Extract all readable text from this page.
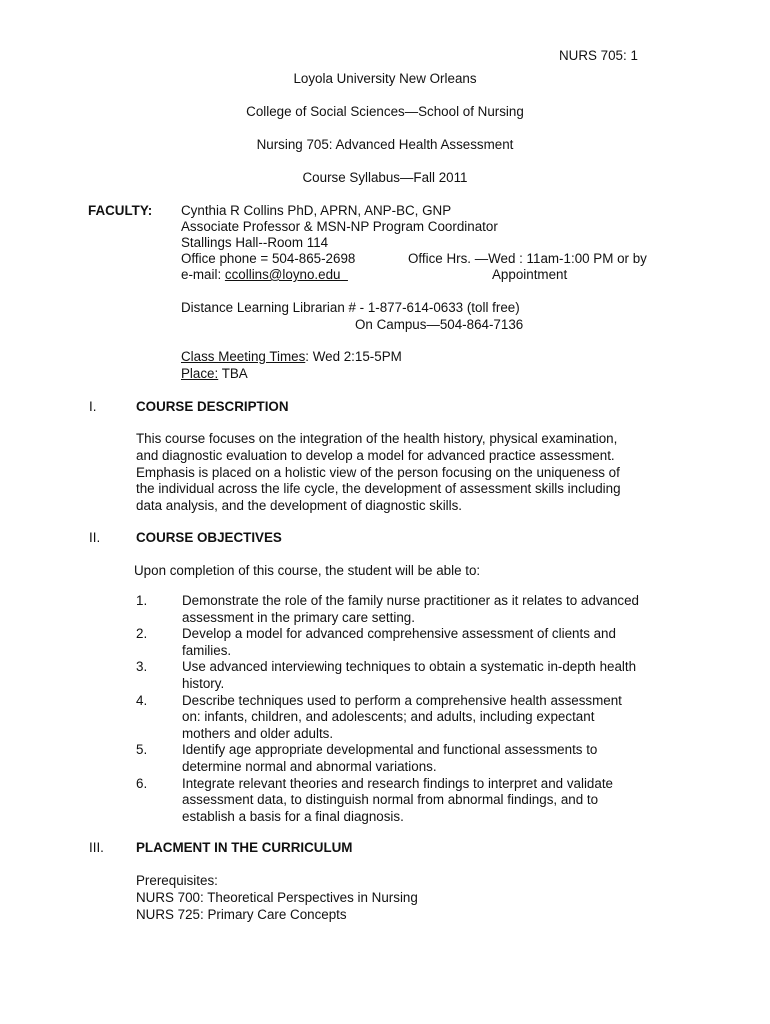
NURS 705: 1
Loyola University New Orleans
College of Social Sciences—School of Nursing
Nursing 705: Advanced Health Assessment
Course Syllabus—Fall 2011
FACULTY: Cynthia R Collins PhD, APRN, ANP-BC, GNP
Associate Professor & MSN-NP Program Coordinator
Stallings Hall--Room 114
Office phone = 504-865-2698	Office Hrs. —Wed : 11am-1:00 PM or by
e-mail: ccollins@loyno.edu	Appointment
Distance Learning Librarian # - 1-877-614-0633 (toll free)
On Campus—504-864-7136
Class Meeting Times: Wed 2:15-5PM
Place: TBA
I.	COURSE DESCRIPTION
This course focuses on the integration of the health history, physical examination,
and diagnostic evaluation to develop a model for advanced practice assessment.
Emphasis is placed on a holistic view of the person focusing on the uniqueness of
the individual across the life cycle, the development of assessment skills including
data analysis, and the development of diagnostic skills.
II.	COURSE OBJECTIVES
Upon completion of this course, the student will be able to:
1.	Demonstrate the role of the family nurse practitioner as it relates to advanced
assessment in the primary care setting.
2.	Develop a model for advanced comprehensive assessment of clients and
families.
3.	Use advanced interviewing techniques to obtain a systematic in-depth health
history.
4.	Describe techniques used to perform a comprehensive health assessment
on: infants, children, and adolescents; and adults, including expectant
mothers and older adults.
5.	Identify age appropriate developmental and functional assessments to
determine normal and abnormal variations.
6.	Integrate relevant theories and research findings to interpret and validate
assessment data, to distinguish normal from abnormal findings, and to
establish a basis for a final diagnosis.
III. PLACMENT IN THE CURRICULUM
Prerequisites:
NURS 700: Theoretical Perspectives in Nursing
NURS 725: Primary Care Concepts
